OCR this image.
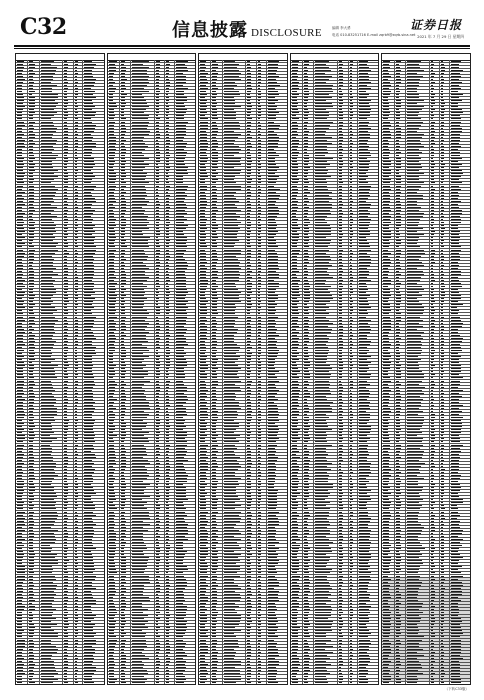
C32	信息披露 DISCLOSURE	编辑 李大勇
电话 010-83251716 E-mail zqrb9@zqrb.sina.net
证券日报
2021 年 7 月 29 日 星期四
（下转C33版）
